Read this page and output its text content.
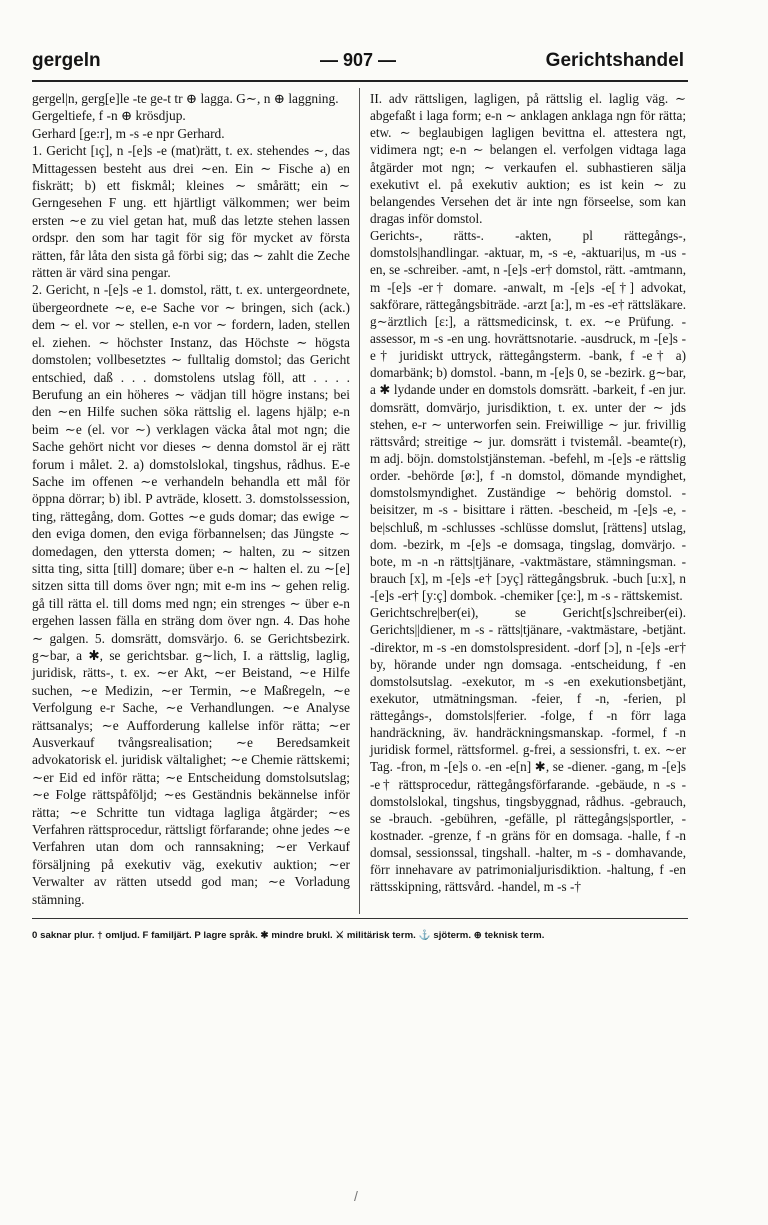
gergeln	— 907 —	Gerichtshandel

gergel|n, gerg[e]le -te ge-t tr ⊕ lagga. G∼, n ⊕ laggning.

Gergeltiefe, f -n ⊕ krösdjup.

Gerhard [ge:r], m -s -e npr Gerhard.

1. Gericht [ıç], n -[e]s -e (mat)rätt, t. ex. stehendes ∼, das Mittagessen besteht aus drei ∼en. Ein ∼ Fische a) en fiskrätt; b) ett fiskmål; kleines ∼ smårätt; ein ∼ Gerngesehen F ung. ett hjärtligt välkommen; wer beim ersten ∼e zu viel getan hat, muß das letzte stehen lassen ordspr. den som har tagit för sig för mycket av första rätten, får låta den sista gå förbi sig; das ∼ zahlt die Zeche rätten är värd sina pengar.

2. Gericht, n -[e]s -e 1. domstol, rätt, t. ex. untergeordnete, übergeordnete ∼e, e-e Sache vor ∼ bringen, sich (ack.) dem ∼ el. vor ∼ stellen, e-n vor ∼ fordern, laden, stellen el. ziehen. ∼ höchster Instanz, das Höchste ∼ högsta domstolen; vollbesetztes ∼ fulltalig domstol; das Gericht entschied, daß . . . domstolens utslag föll, att . . . . Berufung an ein höheres ∼ vädjan till högre instans; bei den ∼en Hilfe suchen söka rättslig el. lagens hjälp; e-n beim ∼e (el. vor ∼) verklagen väcka åtal mot ngn; die Sache gehört nicht vor dieses ∼ denna domstol är ej rätt forum i målet. 2. a) domstolslokal, tingshus, rådhus. E-e Sache im offenen ∼e verhandeln behandla ett mål för öppna dörrar; b) ibl. P avträde, klosett. 3. domstolssession, ting, rättegång, dom. Gottes ∼e guds domar; das ewige ∼ den eviga domen, den eviga förbannelsen; das Jüngste ∼ domedagen, den yttersta domen; ∼ halten, zu ∼ sitzen sitta ting, sitta [till] domare; über e-n ∼ halten el. zu ∼[e] sitzen sitta till doms över ngn; mit e-m ins ∼ gehen relig. gå till rätta el. till doms med ngn; ein strenges ∼ über e-n ergehen lassen fälla en sträng dom över ngn. 4. Das hohe ∼ galgen. 5. domsrätt, domsvärjo. 6. se Gerichtsbezirk. g∼bar, a ✱, se gerichtsbar. g∼lich, I. a rättslig, laglig, juridisk, rätts-, t. ex. ∼er Akt, ∼er Beistand, ∼e Hilfe suchen, ∼e Medizin, ∼er Termin, ∼e Maßregeln, ∼e Verfolgung e-r Sache, ∼e Verhandlungen. ∼e Analyse rättsanalys; ∼e Aufforderung kallelse inför rätta; ∼er Ausverkauf tvångsrealisation; ∼e Beredsamkeit advokatorisk el. juridisk vältalighet; ∼e Chemie rättskemi; ∼er Eid ed inför rätta; ∼e Entscheidung domstolsutslag; ∼e Folge rättspåföljd; ∼es Geständnis bekännelse inför rätta; ∼e Schritte tun vidtaga lagliga åtgärder; ∼es Verfahren rättsprocedur, rättsligt förfarande; ohne jedes ∼e Verfahren utan dom och rannsakning; ∼er Verkauf försäljning på exekutiv väg, exekutiv auktion; ∼er Verwalter av rätten utsedd god man; ∼e Vorladung stämning.

II. adv rättsligen, lagligen, på rättslig el. laglig väg. ∼ abgefaßt i laga form; e-n ∼ anklagen anklaga ngn för rätta; etw. ∼ beglaubigen lagligen bevittna el. attestera ngt, vidimera ngt; e-n ∼ belangen el. verfolgen vidtaga laga åtgärder mot ngn; ∼ verkaufen el. subhastieren sälja exekutivt el. på exekutiv auktion; es ist kein ∼ zu belangendes Versehen det är inte ngn förseelse, som kan dragas inför domstol.

Gerichts-, rätts-. -akten, pl rättegångs-, domstols|handlingar. -aktuar, m, -s -e, -aktuari|us, m -us -en, se -schreiber. -amt, n -[e]s -er† domstol, rätt. -amtmann, m -[e]s -er† domare. -anwalt, m -[e]s -e[†] advokat, sakförare, rättegångsbiträde. -arzt [a:], m -es -e† rättsläkare. g∼ärztlich [ɛ:], a rättsmedicinsk, t. ex. ∼e Prüfung. -assessor, m -s -en ung. hovrättsnotarie. -ausdruck, m -[e]s -e† juridiskt uttryck, rättegångsterm. -bank, f -e† a) domarbänk; b) domstol. -bann, m -[e]s 0, se -bezirk. g∼bar, a ✱ lydande under en domstols domsrätt. -barkeit, f -en jur. domsrätt, domvärjo, jurisdiktion, t. ex. unter der ∼ jds stehen, e-r ∼ unterworfen sein. Freiwillige ∼ jur. frivillig rättsvård; streitige ∼ jur. domsrätt i tvistemål. -beamte(r), m adj. böjn. domstolstjänsteman. -befehl, m -[e]s -e rättslig order. -behörde [ø:], f -n domstol, dömande myndighet, domstolsmyndighet. Zuständige ∼ behörig domstol. -beisitzer, m -s - bisittare i rätten. -bescheid, m -[e]s -e, -be|schluß, m -schlusses -schlüsse domslut, [rättens] utslag, dom. -bezirk, m -[e]s -e domsaga, tingslag, domvärjo. -bote, m -n -n rätts|tjänare, -vaktmästare, stämningsman. -brauch [x], m -[e]s -e† [ɔyç] rättegångsbruk. -buch [u:x], n -[e]s -er† [y:ç] dombok. -chemiker [çe:], m -s - rättskemist.

Gerichtschre|ber(ei), se Gericht[s]schreiber(ei). Gerichts||diener, m -s - rätts|tjänare, -vaktmästare, -betjänt. -direktor, m -s -en domstolspresident. -dorf [ɔ], n -[e]s -er† by, hörande under ngn domsaga. -entscheidung, f -en domstolsutslag. -exekutor, m -s -en exekutionsbetjänt, exekutor, utmätningsman. -feier, f -n, -ferien, pl rättegångs-, domstols|ferier. -folge, f -n förr laga handräckning, äv. handräckningsmanskap. -formel, f -n juridisk formel, rättsformel. g-frei, a sessionsfri, t. ex. ∼er Tag. -fron, m -[e]s o. -en -e[n] ✱, se -diener. -gang, m -[e]s -e† rättsprocedur, rättegångsförfarande. -gebäude, n -s - domstolslokal, tingshus, tingsbyggnad, rådhus. -gebrauch, se -brauch. -gebühren, -gefälle, pl rättegångs|sportler, -kostnader. -grenze, f -n gräns för en domsaga. -halle, f -n domsal, sessionssal, tingshall. -halter, m -s - domhavande, förr innehavare av patrimonialjurisdiktion. -haltung, f -en rättsskipning, rättsvård. -handel, m -s -†

0 saknar plur. † omljud. F familjärt. P lagre språk. ✱ mindre brukl. ⚔ militärisk term. ⚓ sjöterm. ⊕ teknisk term.
/
